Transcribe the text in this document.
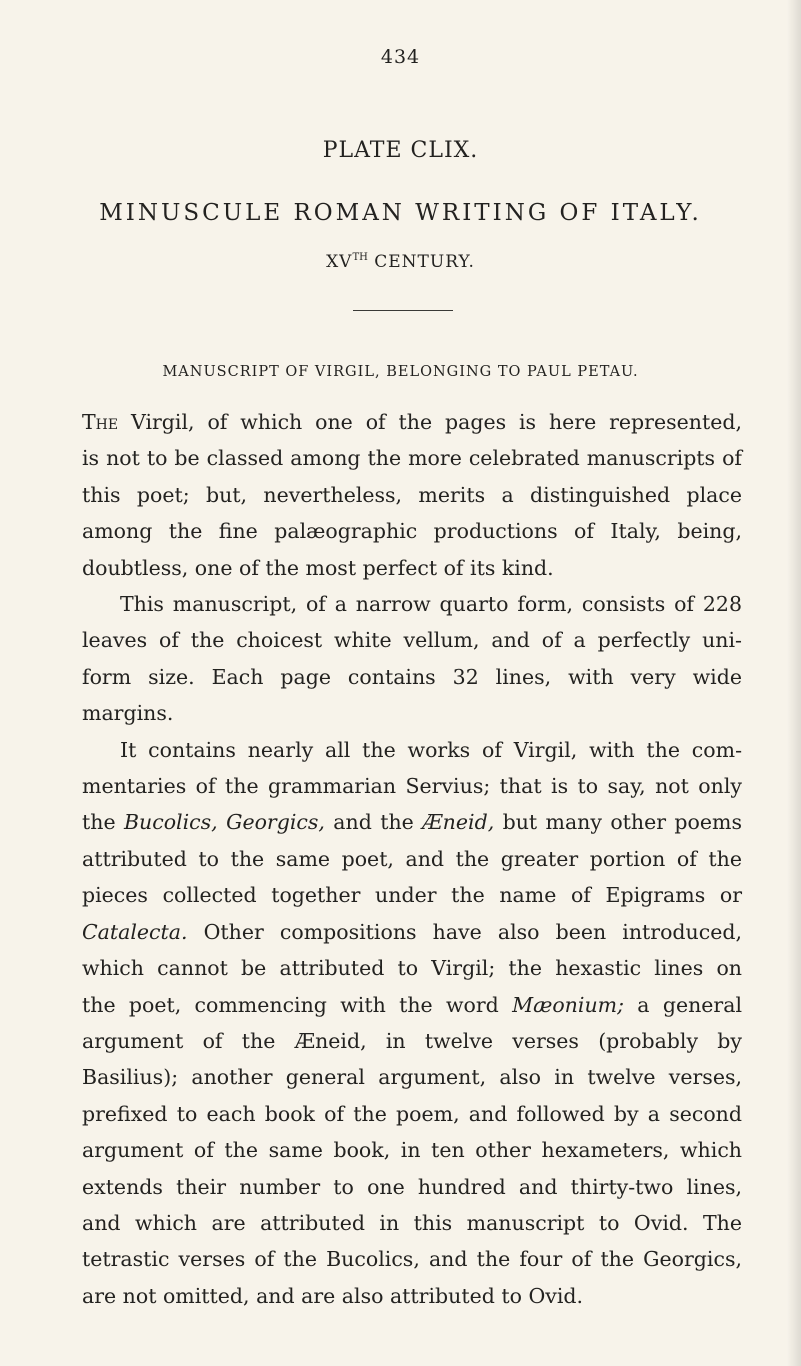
434
PLATE CLIX.
MINUSCULE ROMAN WRITING OF ITALY.
XVTH CENTURY.
MANUSCRIPT OF VIRGIL, BELONGING TO PAUL PETAU.

The Virgil, of which one of the pages is here represented,
is not to be classed among the more celebrated manuscripts of
this poet; but, nevertheless, merits a distinguished place
among the fine palæographic productions of Italy, being,
doubtless, one of the most perfect of its kind.

This manuscript, of a narrow quarto form, consists of 228
leaves of the choicest white vellum, and of a perfectly uni-
form size. Each page contains 32 lines, with very wide
margins.

It contains nearly all the works of Virgil, with the com-
mentaries of the grammarian Servius; that is to say, not only
the Bucolics, Georgics, and the Æneid, but many other poems
attributed to the same poet, and the greater portion of the
pieces collected together under the name of Epigrams or
Catalecta. Other compositions have also been introduced,
which cannot be attributed to Virgil; the hexastic lines on
the poet, commencing with the word Mæonium; a general
argument of the Æneid, in twelve verses (probably by
Basilius); another general argument, also in twelve verses,
prefixed to each book of the poem, and followed by a second
argument of the same book, in ten other hexameters, which
extends their number to one hundred and thirty-two lines,
and which are attributed in this manuscript to Ovid. The
tetrastic verses of the Bucolics, and the four of the Georgics,
are not omitted, and are also attributed to Ovid.
